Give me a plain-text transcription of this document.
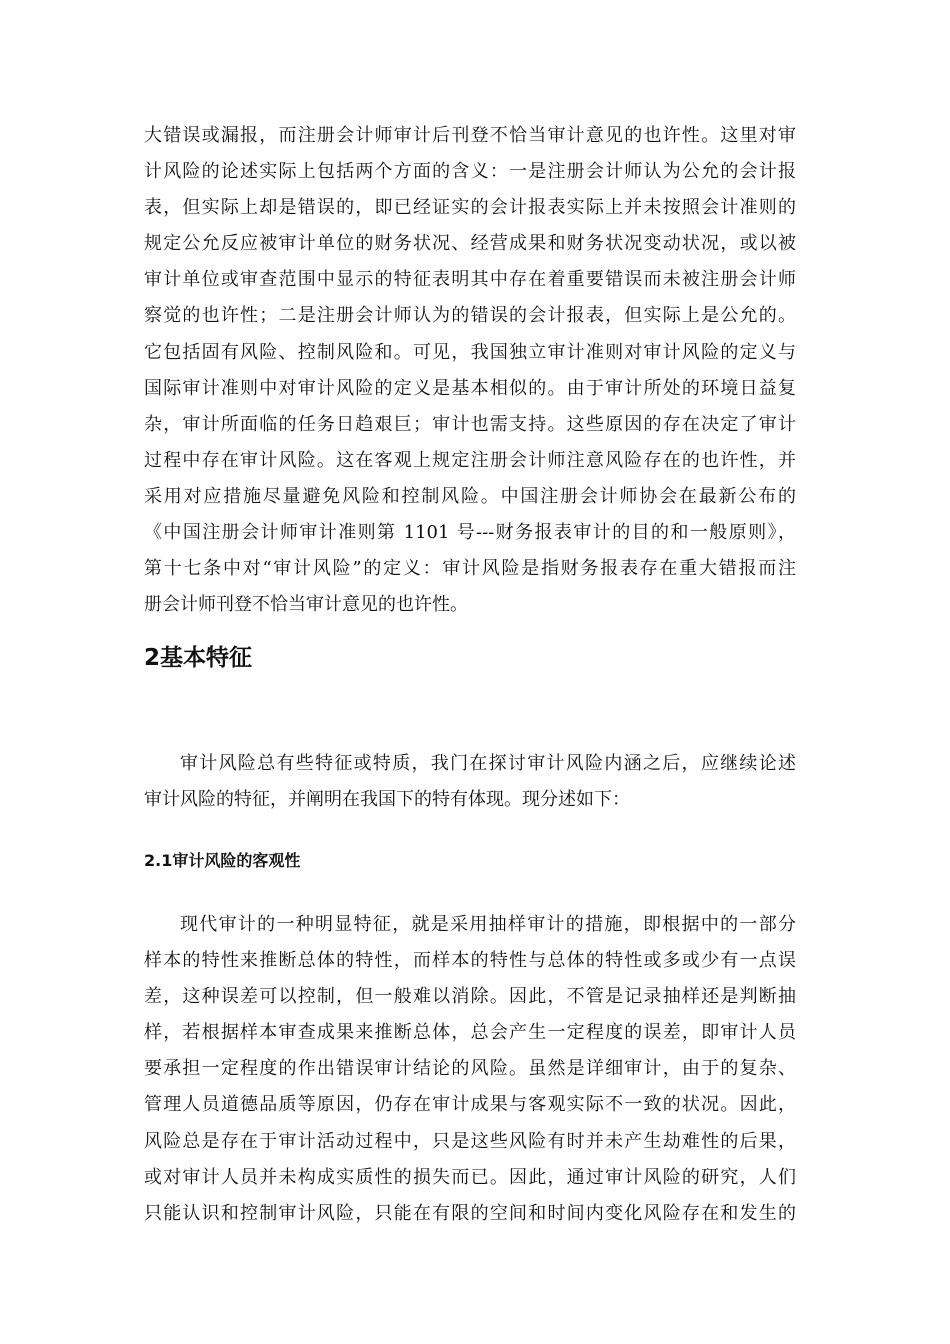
大错误或漏报，而注册会计师审计后刊登不恰当审计意见的也许性。这里对审
计风险的论述实际上包括两个方面的含义：一是注册会计师认为公允的会计报
表，但实际上却是错误的，即已经证实的会计报表实际上并未按照会计准则的
规定公允反应被审计单位的财务状况、经营成果和财务状况变动状况，或以被
审计单位或审查范围中显示的特征表明其中存在着重要错误而未被注册会计师
察觉的也许性；二是注册会计师认为的错误的会计报表，但实际上是公允的。
它包括固有风险、控制风险和。可见，我国独立审计准则对审计风险的定义与
国际审计准则中对审计风险的定义是基本相似的。由于审计所处的环境日益复
杂，审计所面临的任务日趋艰巨；审计也需支持。这些原因的存在决定了审计
过程中存在审计风险。这在客观上规定注册会计师注意风险存在的也许性，并
采用对应措施尽量避免风险和控制风险。中国注册会计师协会在最新公布的
《中国注册会计师审计准则第 1101 号---财务报表审计的目的和一般原则》，
第十七条中对“审计风险”的定义：审计风险是指财务报表存在重大错报而注
册会计师刊登不恰当审计意见的也许性。
2基本特征
审计风险总有些特征或特质，我门在探讨审计风险内涵之后，应继续论述
审计风险的特征，并阐明在我国下的特有体现。现分述如下：
2.1审计风险的客观性
现代审计的一种明显特征，就是采用抽样审计的措施，即根据中的一部分
样本的特性来推断总体的特性，而样本的特性与总体的特性或多或少有一点误
差，这种误差可以控制，但一般难以消除。因此，不管是记录抽样还是判断抽
样，若根据样本审查成果来推断总体，总会产生一定程度的误差，即审计人员
要承担一定程度的作出错误审计结论的风险。虽然是详细审计，由于的复杂、
管理人员道德品质等原因，仍存在审计成果与客观实际不一致的状况。因此，
风险总是存在于审计活动过程中，只是这些风险有时并未产生劫难性的后果，
或对审计人员并未构成实质性的损失而已。因此，通过审计风险的研究，人们
只能认识和控制审计风险，只能在有限的空间和时间内变化风险存在和发生的
